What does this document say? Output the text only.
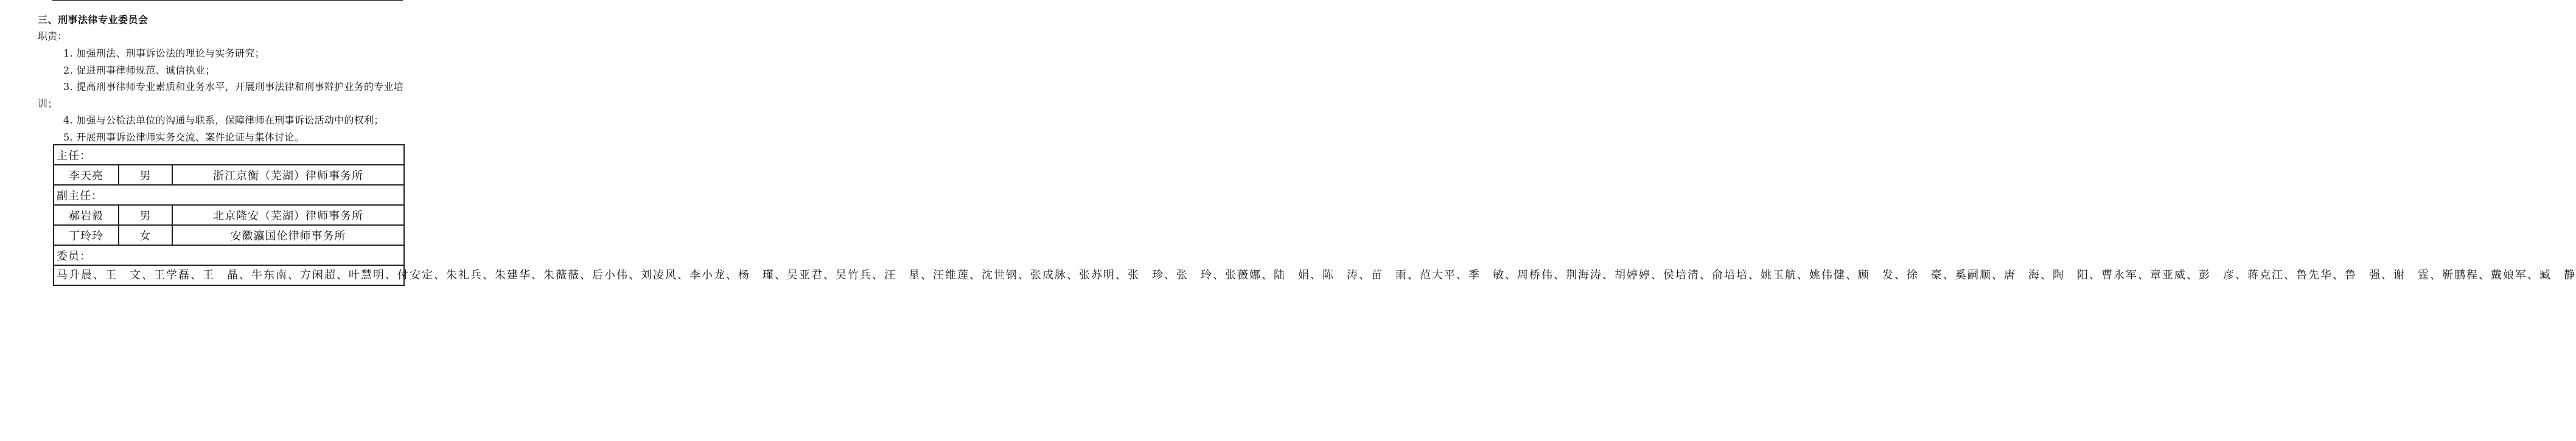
三、刑事法律专业委员会
职责：
1. 加强刑法、刑事诉讼法的理论与实务研究；
2. 促进刑事律师规范、诚信执业；
3. 提高刑事律师专业素质和业务水平，开展刑事法律和刑事辩护业务的专业培训；
4. 加强与公检法单位的沟通与联系，保障律师在刑事诉讼活动中的权利；
5. 开展刑事诉讼律师实务交流、案件论证与集体讨论。
主任：		
李天亮	男	浙江京衡（芜湖）律师事务所
副主任：		
郝岩毅	男	北京隆安（芜湖）律师事务所
丁玲玲	女	安徽瀛国伦律师事务所
委员：		

马升晨、王　文、王学磊、王　晶、牛东南、方闲超、叶慧明、付安定、朱礼兵、朱建华、朱薇薇、后小伟、刘凌风、李小龙、杨　瑾、吴亚君、吴竹兵、汪　星、汪维莲、沈世钢、张成脉、张苏明、张　珍、张　玲、张薇娜、陆　娟、陈　涛、苗　雨、范大平、季　敏、周桥伟、荆海涛、胡婷婷、侯培清、俞培培、姚玉航、姚伟健、顾　发、徐　豪、奚嗣顺、唐　海、陶　阳、曹永军、章亚威、彭　彦、蒋克江、鲁先华、鲁　强、谢　霆、靳鹏程、戴娘军、臧　静		
